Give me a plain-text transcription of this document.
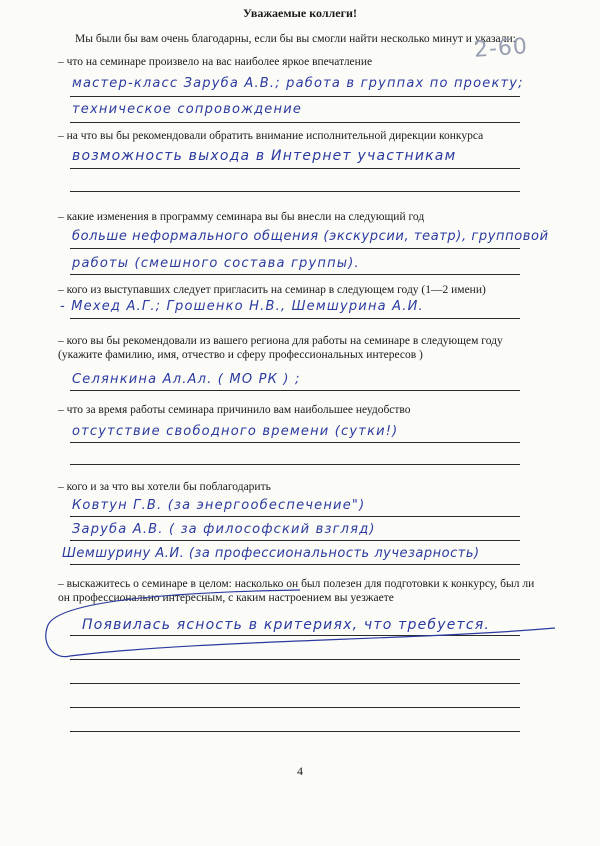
Уважаемые коллеги!
Мы были бы вам очень благодарны, если бы вы смогли найти несколько минут и указали:
2-60
– что на семинаре произвело на вас наиболее яркое впечатление
мастер-класс Заруба А.В.; работа в группах по проекту;
техническое сопровождение
– на что вы бы рекомендовали обратить внимание исполнительной дирекции конкурса
возможность выхода в Интернет участникам
– какие изменения в программу семинара вы бы внесли на следующий год
больше неформального общения (экскурсии, театр), групповой
работы (смешного состава группы).
– кого из выступавших следует пригласить на семинар в следующем году (1—2 имени)
- Мехед А.Г.; Грошенко Н.В., Шемшурина А.И.
– кого вы бы рекомендовали из вашего региона для работы на семинаре в следующем году (укажите фамилию, имя, отчество и сферу профессиональных интересов )
Селянкина Ал.Ал. ( МО РК ) ;
– что за время работы семинара причинило вам наибольшее неудобство
отсутствие свободного времени (сутки!)
– кого и за что вы хотели бы поблагодарить
Ковтун Г.В. (за энергообеспечение")
Заруба А.В. ( за философский взгляд)
Шемшурину А.И. (за профессиональность лучезарность)
– выскажитесь о семинаре в целом: насколько он был полезен для подготовки к конкурсу, был ли он профессионально интересным, с каким настроением вы уезжаете
Появилась ясность в критериях, что требуется.
4
